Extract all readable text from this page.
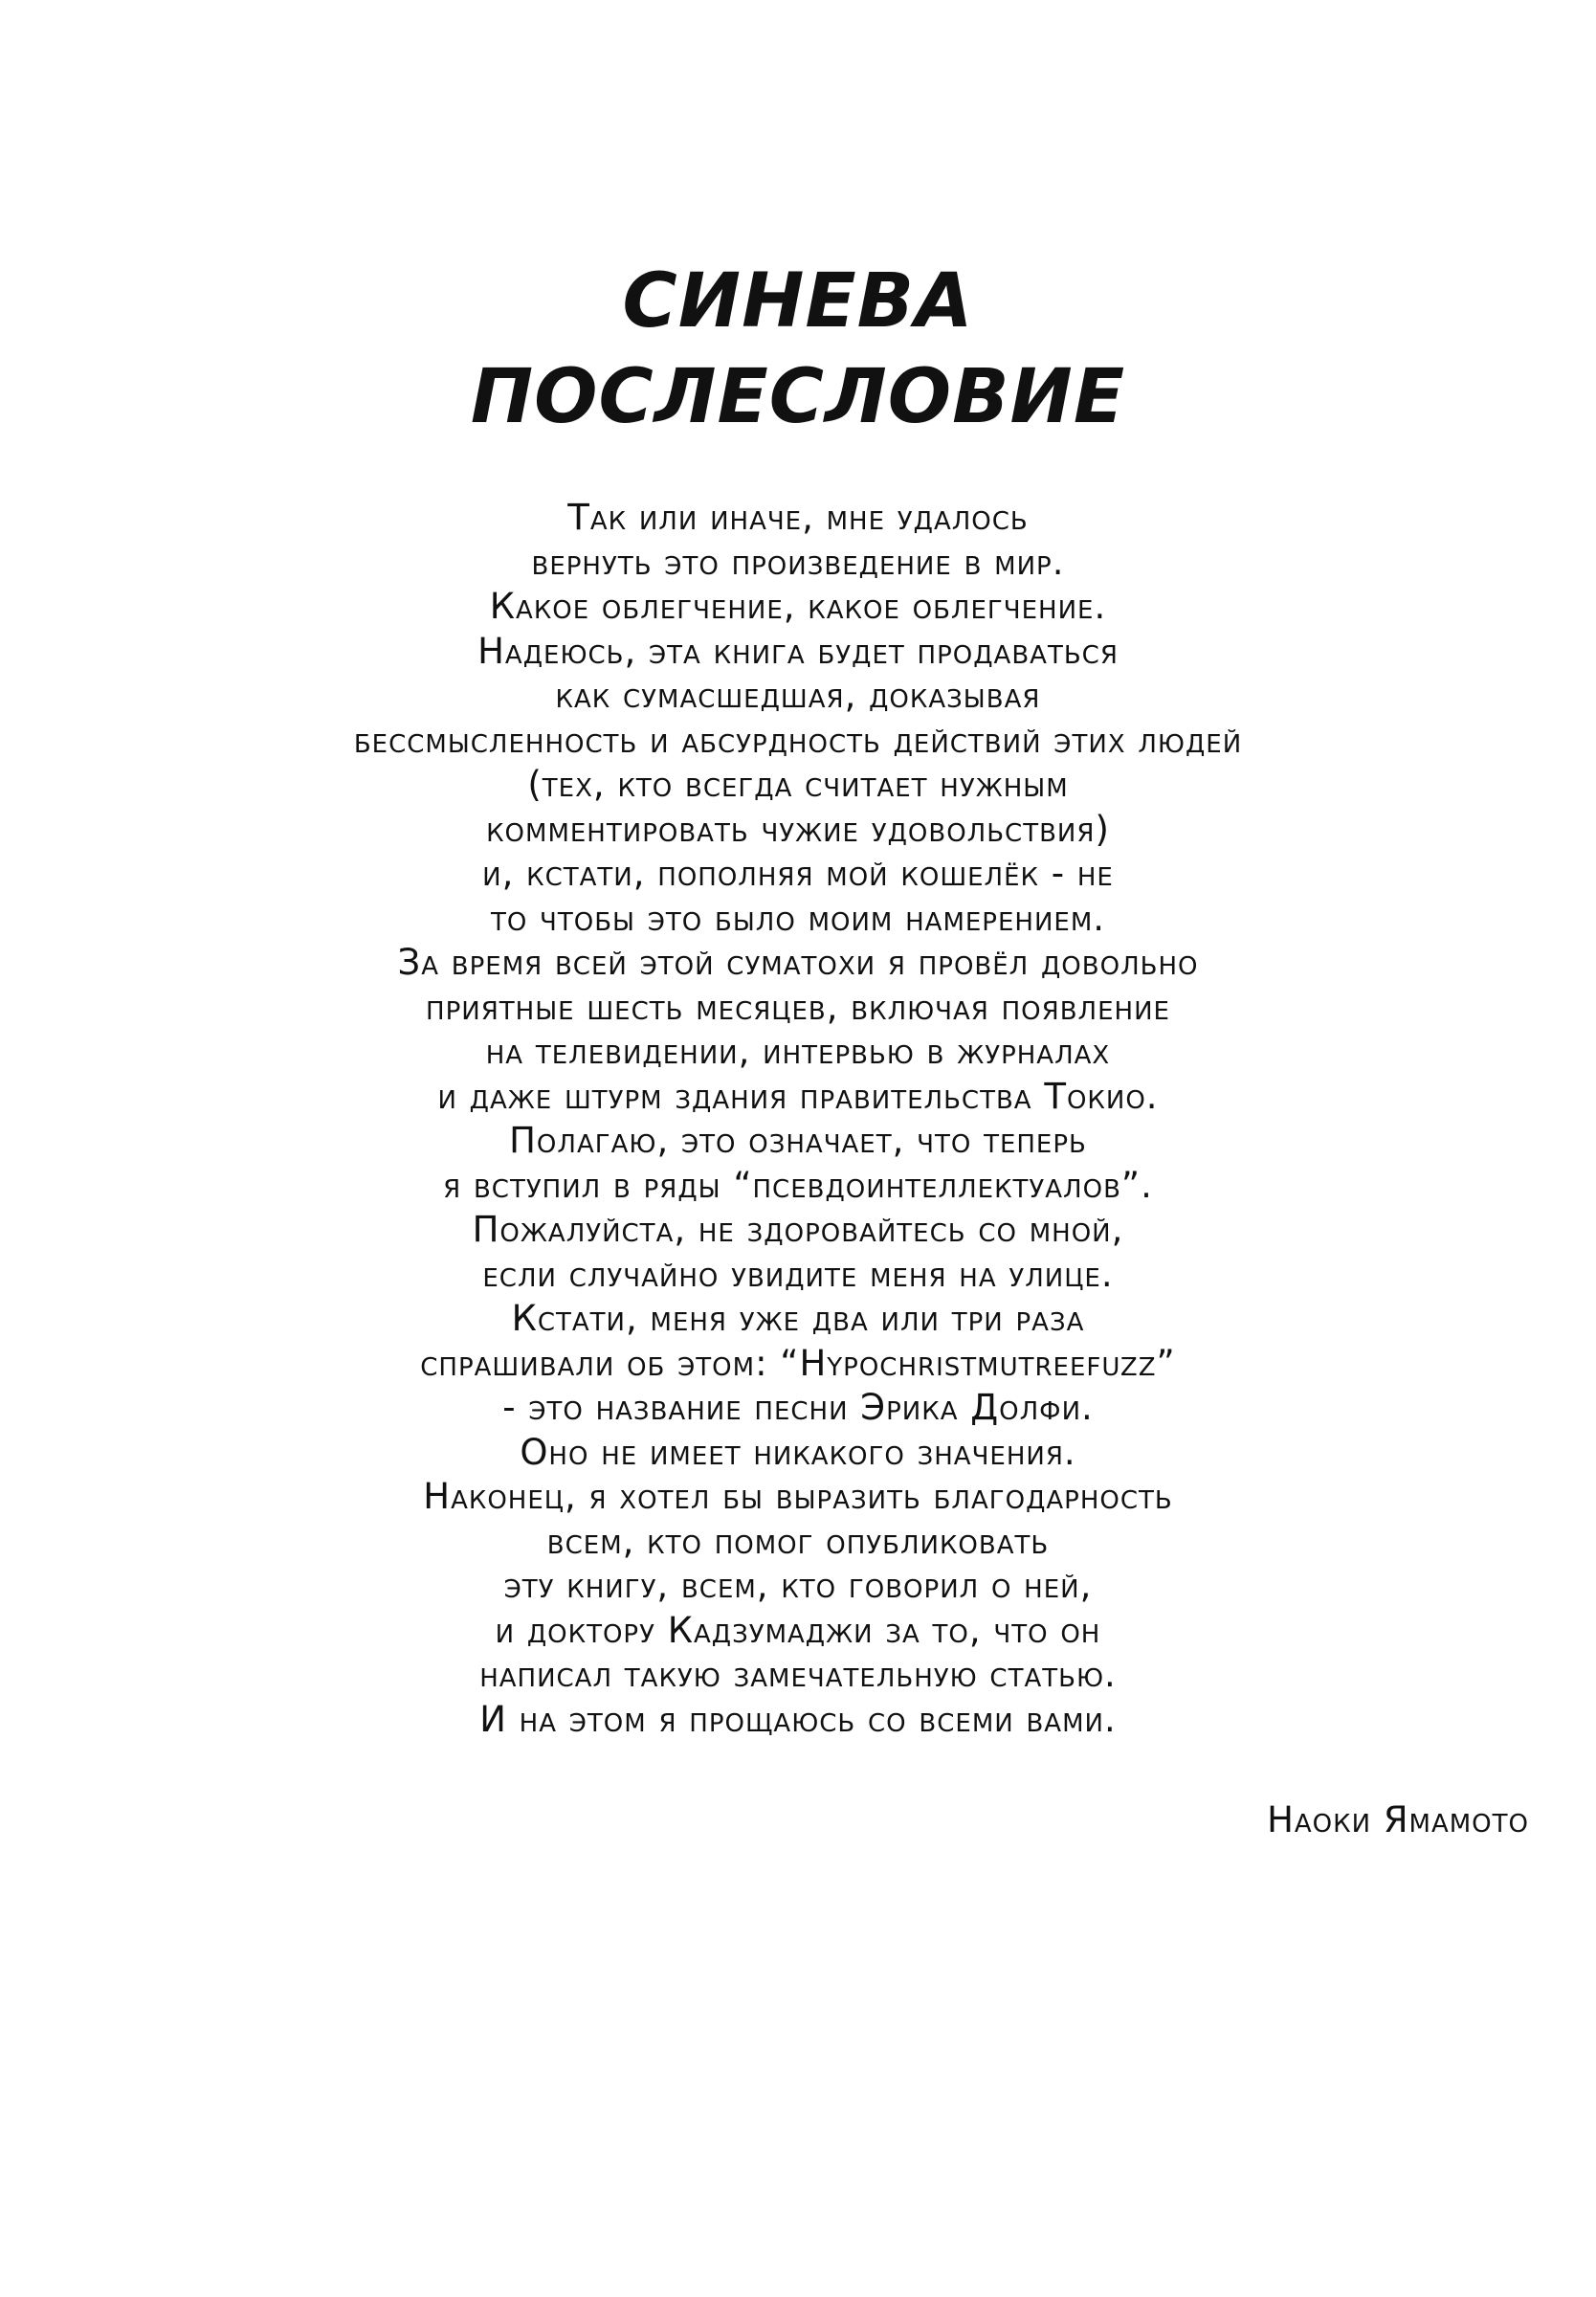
СИНЕВА
ПОСЛЕСЛОВИЕ
Так или иначе, мне удалось
вернуть это произведение в мир.
Какое облегчение, какое облегчение.
Надеюсь, эта книга будет продаваться
как сумасшедшая, доказывая
бессмысленность и абсурдность действий этих людей
(тех, кто всегда считает нужным
комментировать чужие удовольствия)
и, кстати, пополняя мой кошелёк - не
то чтобы это было моим намерением.
За время всей этой суматохи я провёл довольно
приятные шесть месяцев, включая появление
на телевидении, интервью в журналах
и даже штурм здания правительства Токио.
Полагаю, это означает, что теперь
я вступил в ряды “псевдоинтеллектуалов”.
Пожалуйста, не здоровайтесь со мной,
если случайно увидите меня на улице.
Кстати, меня уже два или три раза
спрашивали об этом: “Hypochristmutreefuzz”
- это название песни Эрика Долфи.
Оно не имеет никакого значения.
Наконец, я хотел бы выразить благодарность
всем, кто помог опубликовать
эту книгу, всем, кто говорил о ней,
и доктору Кадзумаджи за то, что он
написал такую замечательную статью.
И на этом я прощаюсь со всеми вами.
Наоки Ямамото
